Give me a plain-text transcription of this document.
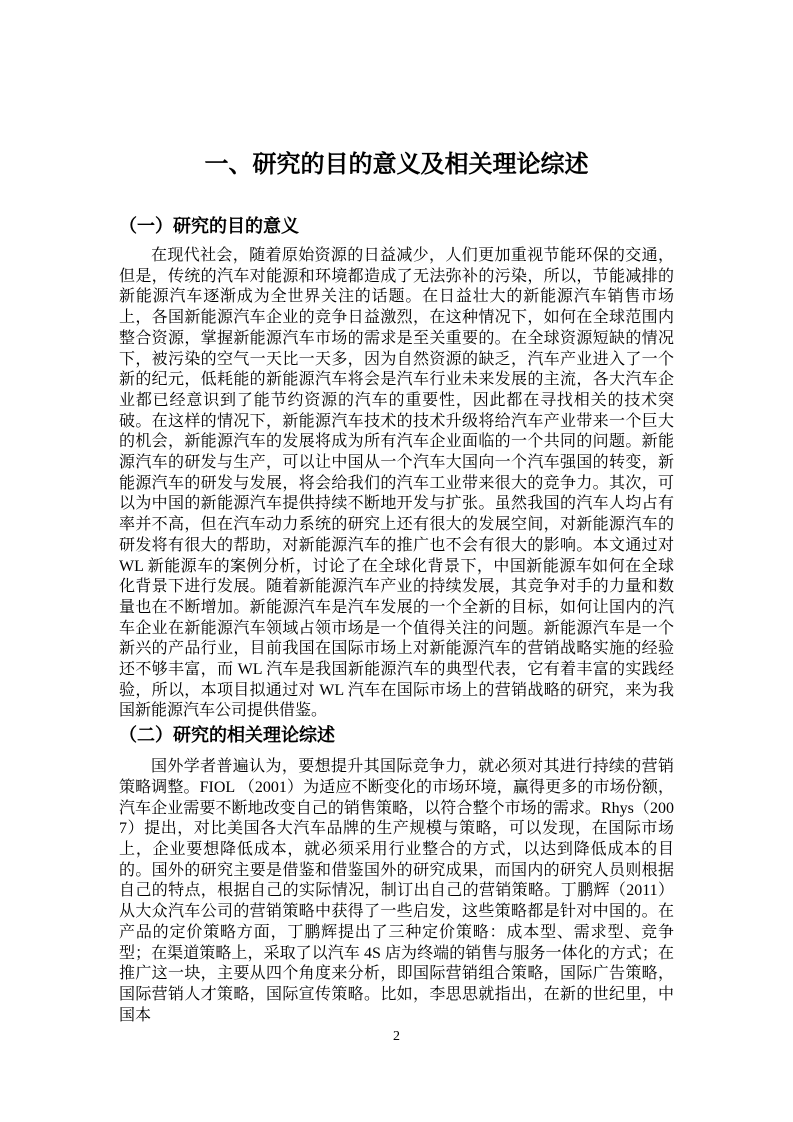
一、研究的目的意义及相关理论综述
（一）研究的目的意义

在现代社会，随着原始资源的日益减少，人们更加重视节能环保的交通，但是，传统的汽车对能源和环境都造成了无法弥补的污染，所以，节能减排的新能源汽车逐渐成为全世界关注的话题。在日益壮大的新能源汽车销售市场上，各国新能源汽车企业的竞争日益激烈，在这种情况下，如何在全球范围内整合资源，掌握新能源汽车市场的需求是至关重要的。在全球资源短缺的情况下，被污染的空气一天比一天多，因为自然资源的缺乏，汽车产业进入了一个新的纪元，低耗能的新能源汽车将会是汽车行业未来发展的主流，各大汽车企业都已经意识到了能节约资源的汽车的重要性，因此都在寻找相关的技术突破。在这样的情况下，新能源汽车技术的技术升级将给汽车产业带来一个巨大的机会，新能源汽车的发展将成为所有汽车企业面临的一个共同的问题。新能源汽车的研发与生产，可以让中国从一个汽车大国向一个汽车强国的转变，新能源汽车的研发与发展，将会给我们的汽车工业带来很大的竞争力。其次，可以为中国的新能源汽车提供持续不断地开发与扩张。虽然我国的汽车人均占有率并不高，但在汽车动力系统的研究上还有很大的发展空间，对新能源汽车的研发将有很大的帮助，对新能源汽车的推广也不会有很大的影响。本文通过对 WL 新能源车的案例分析，讨论了在全球化背景下，中国新能源车如何在全球化背景下进行发展。随着新能源汽车产业的持续发展，其竞争对手的力量和数量也在不断增加。新能源汽车是汽车发展的一个全新的目标，如何让国内的汽车企业在新能源汽车领域占领市场是一个值得关注的问题。新能源汽车是一个新兴的产品行业，目前我国在国际市场上对新能源汽车的营销战略实施的经验还不够丰富，而 WL 汽车是我国新能源汽车的典型代表，它有着丰富的实践经验，所以，本项目拟通过对 WL 汽车在国际市场上的营销战略的研究，来为我国新能源汽车公司提供借鉴。

（二）研究的相关理论综述

国外学者普遍认为，要想提升其国际竞争力，就必须对其进行持续的营销策略调整。FIOL （2001）为适应不断变化的市场环境，赢得更多的市场份额，汽车企业需要不断地改变自己的销售策略，以符合整个市场的需求。Rhys（2007）提出，对比美国各大汽车品牌的生产规模与策略，可以发现，在国际市场上，企业要想降低成本，就必须采用行业整合的方式，以达到降低成本的目的。国外的研究主要是借鉴和借鉴国外的研究成果，而国内的研究人员则根据自己的特点，根据自己的实际情况，制订出自己的营销策略。丁鹏辉（2011）从大众汽车公司的营销策略中获得了一些启发，这些策略都是针对中国的。在产品的定价策略方面，丁鹏辉提出了三种定价策略：成本型、需求型、竞争型；在渠道策略上，采取了以汽车 4S 店为终端的销售与服务一体化的方式；在推广这一块，主要从四个角度来分析，即国际营销组合策略，国际广告策略，国际营销人才策略，国际宣传策略。比如，李思思就指出，在新的世纪里，中国本

2
